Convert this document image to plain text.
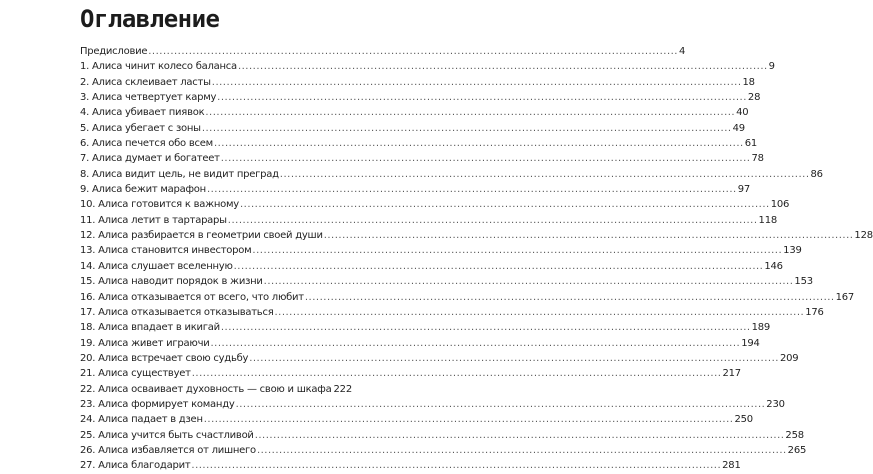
Оглавление
Предисловие .....	4
1. Алиса чинит колесо баланса .....	9
2. Алиса склеивает ласты .....	18
3. Алиса четвертует карму .....	28
4. Алиса убивает пиявок .....	40
5. Алиса убегает с зоны .....	49
6. Алиса печется обо всем .....	61
7. Алиса думает и богатеет .....	78
8. Алиса видит цель, не видит преград .....	86
9. Алиса бежит марафон .....	97
10. Алиса готовится к важному .....	106
11. Алиса летит в тартарары .....	118
12. Алиса разбирается в геометрии своей души .....	128
13. Алиса становится инвестором .....	139
14. Алиса слушает вселенную .....	146
15. Алиса наводит порядок в жизни .....	153
16. Алиса отказывается от всего, что любит .....	167
17. Алиса отказывается отказываться .....	176
18. Алиса впадает в икигай .....	189
19. Алиса живет играючи .....	194
20. Алиса встречает свою судьбу .....	209
21. Алиса существует .....	217
22. Алиса осваивает духовность — свою и шкафа ..... 222
23. Алиса формирует команду .....	230
24. Алиса падает в дзен .....	250
25. Алиса учится быть счастливой .....	258
26. Алиса избавляется от лишнего .....	265
27. Алиса благодарит .....	281
